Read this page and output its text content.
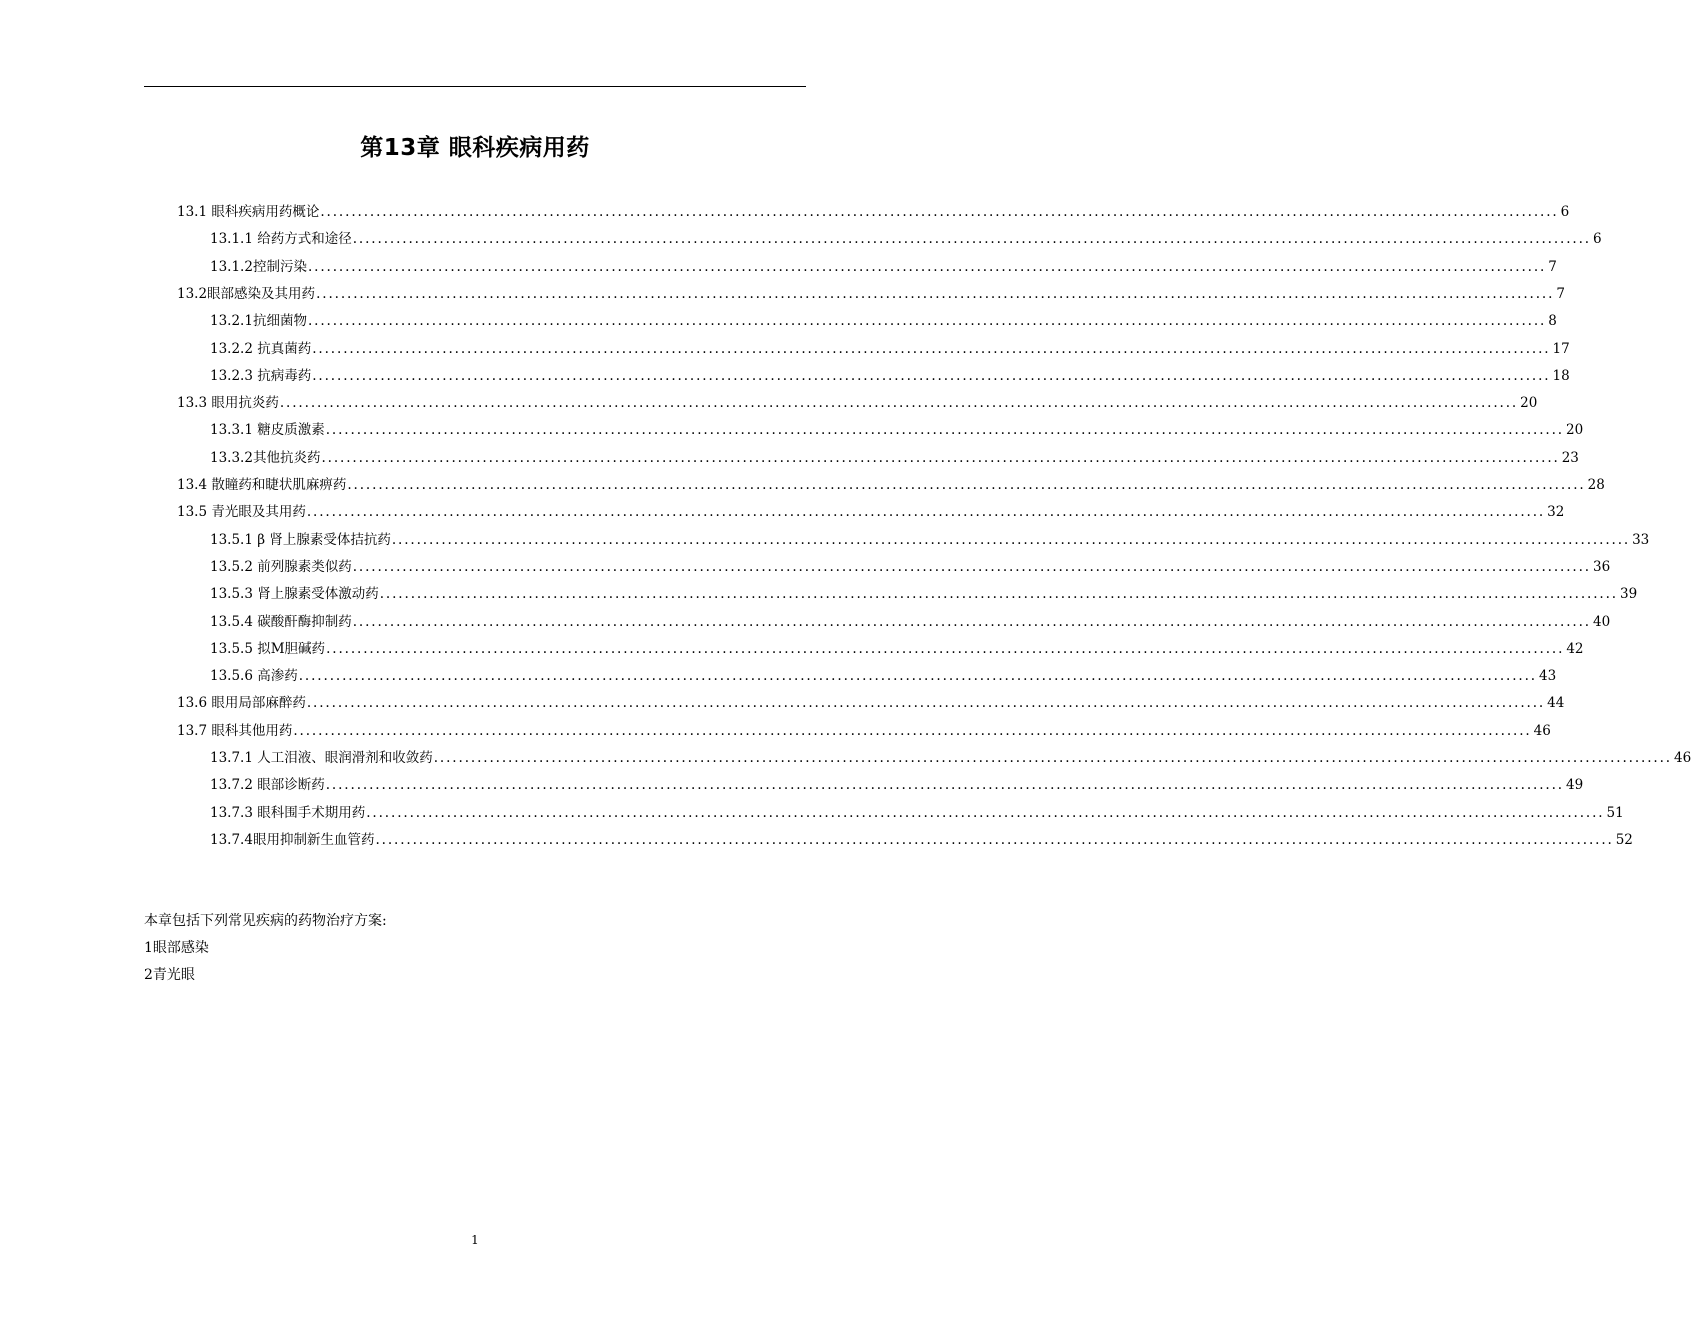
第13章 眼科疾病用药
13.1 眼科疾病用药概论 ........................................................................................................................................................................................................ 6
13.1.1 给药方式和途径 ........................................................................................................................................................................................................ 6
13.1.2控制污染 ........................................................................................................................................................................................................ 7
13.2眼部感染及其用药 ........................................................................................................................................................................................................ 7
13.2.1抗细菌物 ........................................................................................................................................................................................................ 8
13.2.2 抗真菌药 ........................................................................................................................................................................................................ 17
13.2.3 抗病毒药 ........................................................................................................................................................................................................ 18
13.3 眼用抗炎药 ........................................................................................................................................................................................................ 20
13.3.1 糖皮质激素 ........................................................................................................................................................................................................ 20
13.3.2其他抗炎药 ........................................................................................................................................................................................................ 23
13.4 散瞳药和睫状肌麻痹药 ........................................................................................................................................................................................................ 28
13.5 青光眼及其用药 ........................................................................................................................................................................................................ 32
13.5.1 β 肾上腺素受体拮抗药 ........................................................................................................................................................................................................ 33
13.5.2 前列腺素类似药 ........................................................................................................................................................................................................ 36
13.5.3 肾上腺素受体激动药 ........................................................................................................................................................................................................ 39
13.5.4 碳酸酐酶抑制药 ........................................................................................................................................................................................................ 40
13.5.5 拟M胆碱药 ........................................................................................................................................................................................................ 42
13.5.6 高渗药 ........................................................................................................................................................................................................ 43
13.6 眼用局部麻醉药 ........................................................................................................................................................................................................ 44
13.7 眼科其他用药 ........................................................................................................................................................................................................ 46
13.7.1 人工泪液、眼润滑剂和收敛药 ........................................................................................................................................................................................................ 46
13.7.2 眼部诊断药 ........................................................................................................................................................................................................ 49
13.7.3 眼科围手术期用药 ........................................................................................................................................................................................................ 51
13.7.4眼用抑制新生血管药 ........................................................................................................................................................................................................ 52
本章包括下列常见疾病的药物治疗方案:
1眼部感染
2青光眼
1
